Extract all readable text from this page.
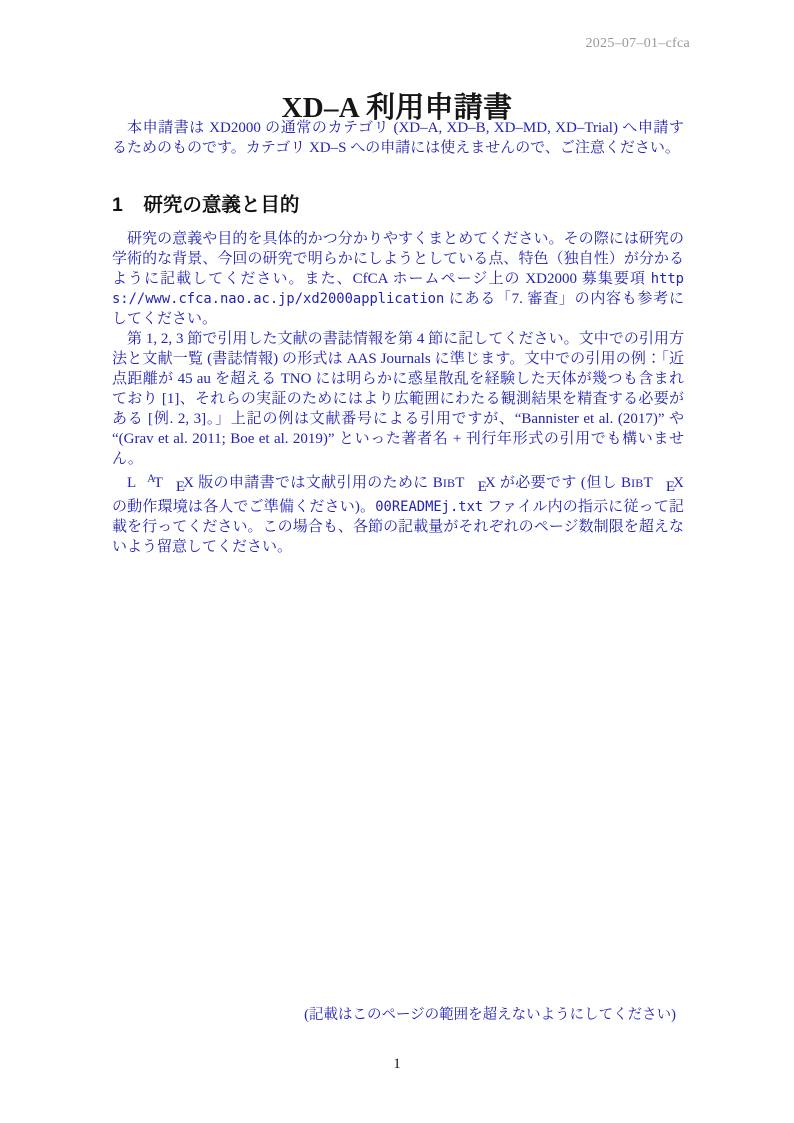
2025–07–01–cfca
XD–A 利用申請書

本申請書は XD2000 の通常のカテゴリ (XD–A, XD–B, XD–MD, XD–Trial) へ申請するためのものです。カテゴリ XD–S への申請には使えませんので、ご注意ください。

1 研究の意義と目的

研究の意義や目的を具体的かつ分かりやすくまとめてください。その際には研究の学術的な背景、今回の研究で明らかにしようとしている点、特色（独自性）が分かるように記載してください。また、CfCA ホームページ上の XD2000 募集要項 https://www.cfca.nao.ac.jp/xd2000application にある「7. 審査」の内容も参考にしてください。

第 1, 2, 3 節で引用した文献の書誌情報を第 4 節に記してください。文中での引用方法と文献一覧 (書誌情報) の形式は AAS Journals に準じます。文中での引用の例：「近点距離が 45 au を超える TNO には明らかに惑星散乱を経験した天体が幾つも含まれており [1]、それらの実証のためにはより広範囲にわたる観測結果を精査する必要がある [例. 2, 3]。」上記の例は文献番号による引用ですが、“Bannister et al. (2017)” や “(Grav et al. 2011; Boe et al. 2019)” といった著者名 + 刊行年形式の引用でも構いません。

L AT EX 版の申請書では文献引用のために BIBT EX が必要です (但し BIBT EX の動作環境は各人でご準備ください)。00READMEj.txt ファイル内の指示に従って記載を行ってください。この場合も、各節の記載量がそれぞれのページ数制限を超えないよう留意してください。

(記載はこのページの範囲を超えないようにしてください)
1
